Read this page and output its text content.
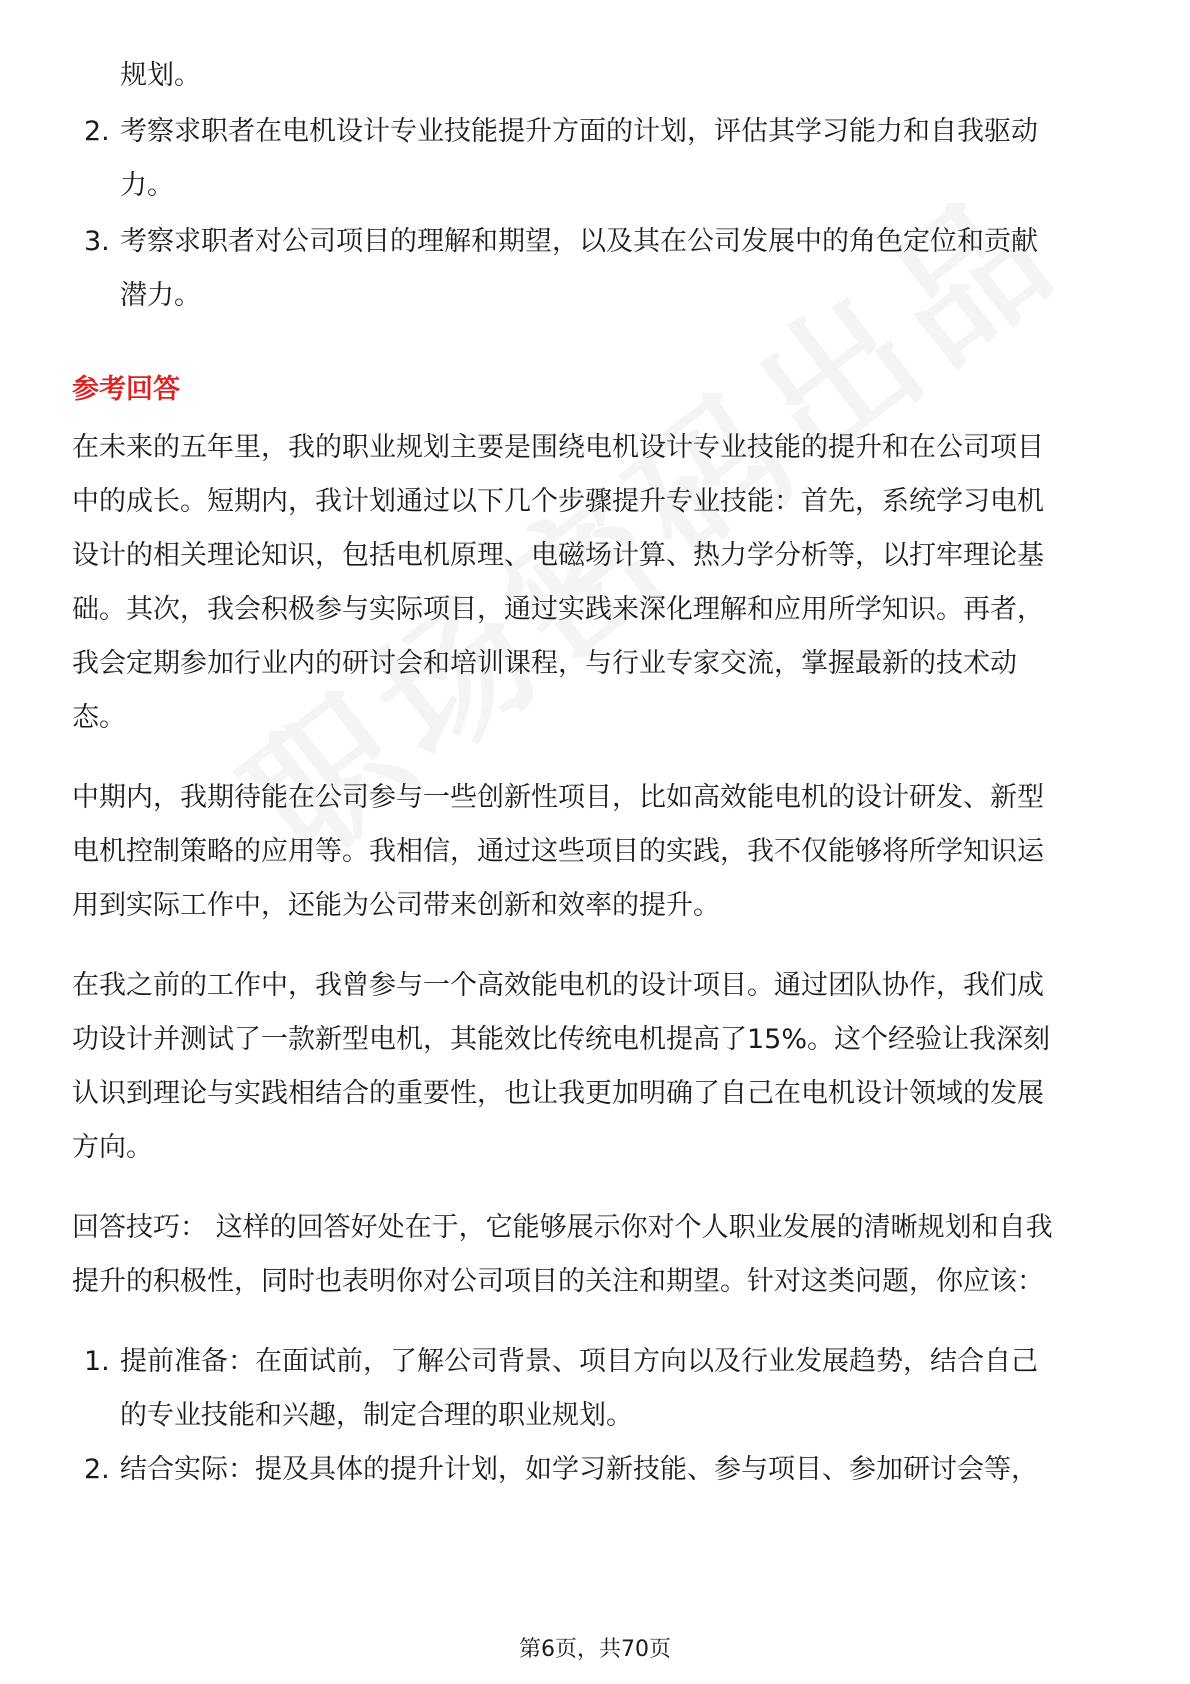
规划。
2. 考察求职者在电机设计专业技能提升方面的计划，评估其学习能力和自我驱动
力。
3. 考察求职者对公司项目的理解和期望，以及其在公司发展中的角色定位和贡献
潜力。
参考回答
在未来的五年里，我的职业规划主要是围绕电机设计专业技能的提升和在公司项目
中的成长。短期内，我计划通过以下几个步骤提升专业技能：首先，系统学习电机
设计的相关理论知识，包括电机原理、电磁场计算、热力学分析等，以打牢理论基
础。其次，我会积极参与实际项目，通过实践来深化理解和应用所学知识。再者，
我会定期参加行业内的研讨会和培训课程，与行业专家交流，掌握最新的技术动
态。
中期内，我期待能在公司参与一些创新性项目，比如高效能电机的设计研发、新型
电机控制策略的应用等。我相信，通过这些项目的实践，我不仅能够将所学知识运
用到实际工作中，还能为公司带来创新和效率的提升。
在我之前的工作中，我曾参与一个高效能电机的设计项目。通过团队协作，我们成
功设计并测试了一款新型电机，其能效比传统电机提高了15%。这个经验让我深刻
认识到理论与实践相结合的重要性，也让我更加明确了自己在电机设计领域的发展
方向。
回答技巧： 这样的回答好处在于，它能够展示你对个人职业发展的清晰规划和自我
提升的积极性，同时也表明你对公司项目的关注和期望。针对这类问题，你应该：
1. 提前准备：在面试前，了解公司背景、项目方向以及行业发展趋势，结合自己
的专业技能和兴趣，制定合理的职业规划。
2. 结合实际：提及具体的提升计划，如学习新技能、参与项目、参加研讨会等，
第6页，共70页
